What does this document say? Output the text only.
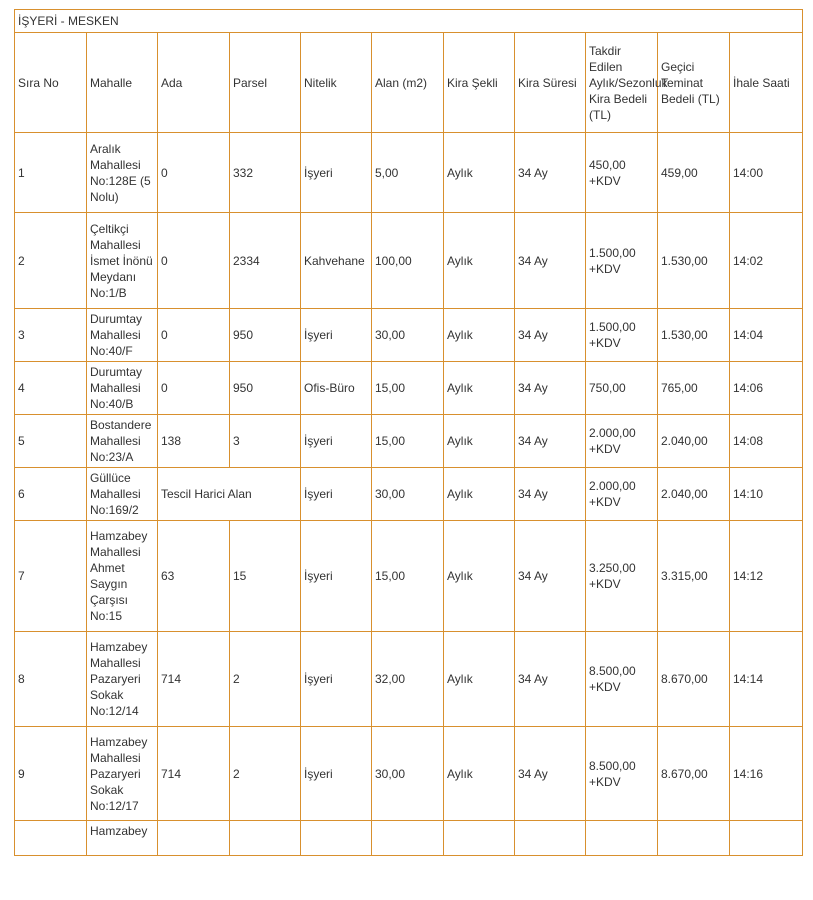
İŞYERİ - MESKEN										
Sıra No	Mahalle	Ada	Parsel	Nitelik	Alan (m2)	Kira Şekli	Kira Süresi	Takdir Edilen Aylık/Sezonluk Kira Bedeli (TL)	Geçici Teminat Bedeli (TL)	İhale Saati
1	Aralık Mahallesi No:128E (5 Nolu)	0	332	İşyeri	5,00	Aylık	34 Ay	450,00 +KDV	459,00	14:00
2	Çeltikçi Mahallesi İsmet İnönü Meydanı No:1/B	0	2334	Kahvehane	100,00	Aylık	34 Ay	1.500,00 +KDV	1.530,00	14:02
3	Durumtay Mahallesi No:40/F	0	950	İşyeri	30,00	Aylık	34 Ay	1.500,00 +KDV	1.530,00	14:04
4	Durumtay Mahallesi No:40/B	0	950	Ofis-Büro	15,00	Aylık	34 Ay	750,00	765,00	14:06
5	Bostandere Mahallesi No:23/A	138	3	İşyeri	15,00	Aylık	34 Ay	2.000,00 +KDV	2.040,00	14:08
6	Güllüce Mahallesi No:169/2	Tescil Harici Alan		İşyeri	30,00	Aylık	34 Ay	2.000,00 +KDV	2.040,00	14:10
7	Hamzabey Mahallesi Ahmet Saygın Çarşısı No:15	63	15	İşyeri	15,00	Aylık	34 Ay	3.250,00 +KDV	3.315,00	14:12
8	Hamzabey Mahallesi Pazaryeri Sokak No:12/14	714	2	İşyeri	32,00	Aylık	34 Ay	8.500,00 +KDV	8.670,00	14:14
9	Hamzabey Mahallesi Pazaryeri Sokak No:12/17	714	2	İşyeri	30,00	Aylık	34 Ay	8.500,00 +KDV	8.670,00	14:16
	Hamzabey									
